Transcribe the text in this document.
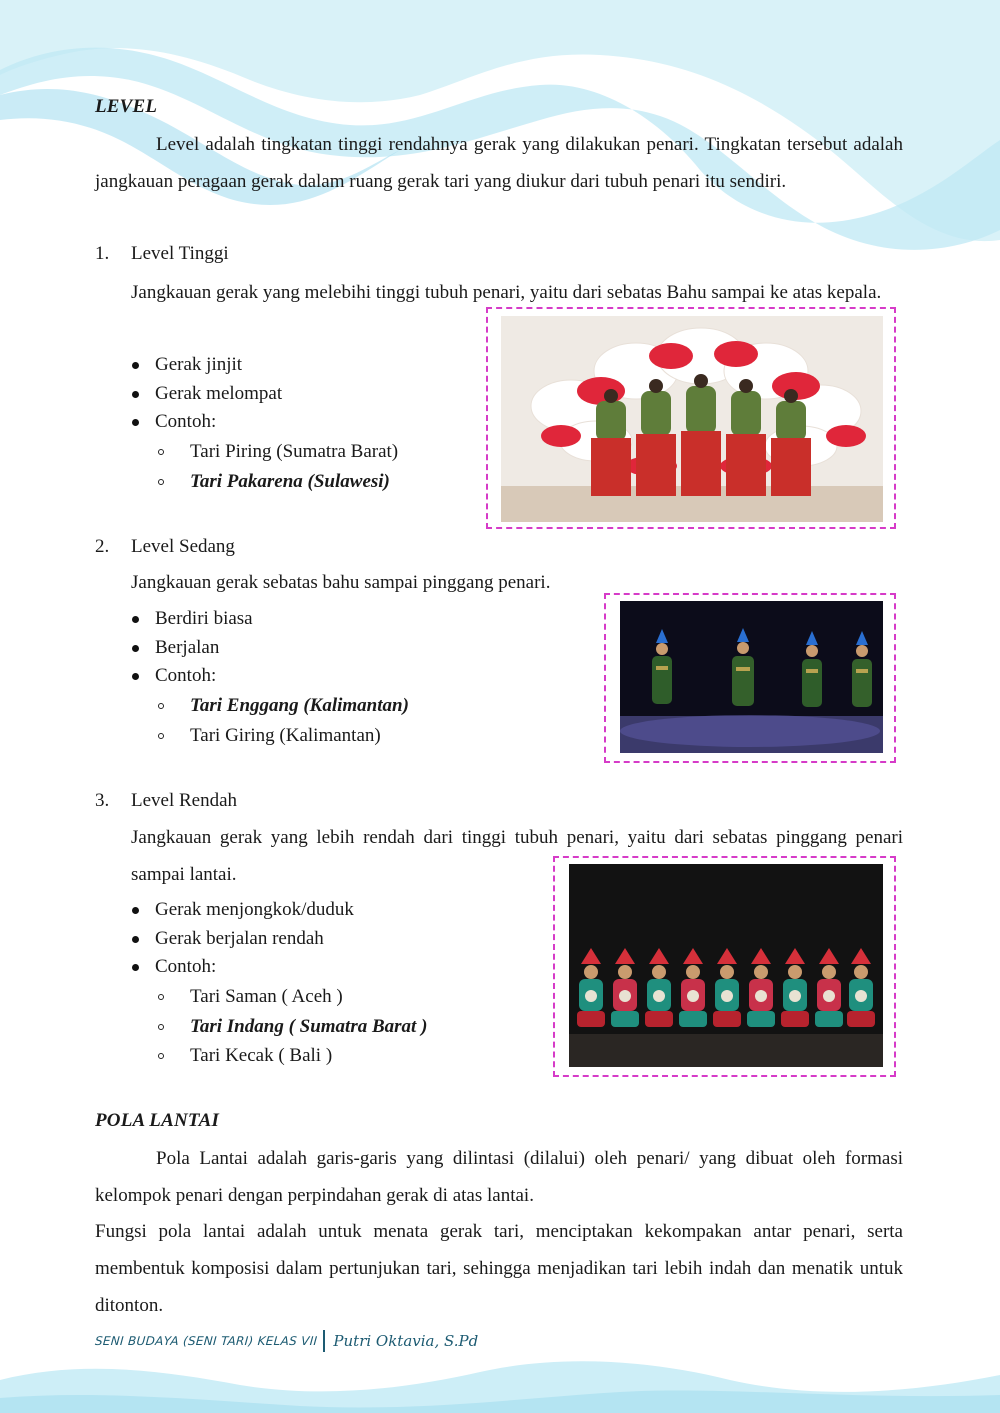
LEVEL

Level adalah tingkatan tinggi rendahnya gerak yang dilakukan penari. Tingkatan tersebut adalah jangkauan peragaan gerak dalam ruang gerak tari yang diukur dari tubuh penari itu sendiri.

1. Level Tinggi

Jangkauan gerak yang melebihi tinggi tubuh penari, yaitu dari sebatas Bahu sampai ke atas kepala.

Gerak jinjit
Gerak melompat
Contoh:
Tari Piring (Sumatra Barat)
Tari Pakarena (Sulawesi)
2. Level Sedang

Jangkauan gerak sebatas bahu sampai pinggang penari.

Berdiri biasa
Berjalan
Contoh:
Tari Enggang (Kalimantan)
Tari Giring (Kalimantan)
3. Level Rendah

Jangkauan gerak yang lebih rendah dari tinggi tubuh penari, yaitu dari sebatas pinggang penari sampai lantai.

Gerak menjongkok/duduk
Gerak berjalan rendah
Contoh:
Tari Saman ( Aceh )
Tari Indang ( Sumatra Barat )
Tari Kecak ( Bali )
POLA LANTAI

Pola Lantai adalah garis-garis yang dilintasi (dilalui) oleh penari/ yang dibuat oleh formasi kelompok penari dengan perpindahan gerak di atas lantai.

Fungsi pola lantai adalah untuk menata gerak tari, menciptakan kekompakan antar penari, serta membentuk komposisi dalam pertunjukan tari, sehingga menjadikan tari lebih indah dan menatik untuk ditonton.

SENI BUDAYA (SENI TARI) KELAS VII Putri Oktavia, S.Pd
